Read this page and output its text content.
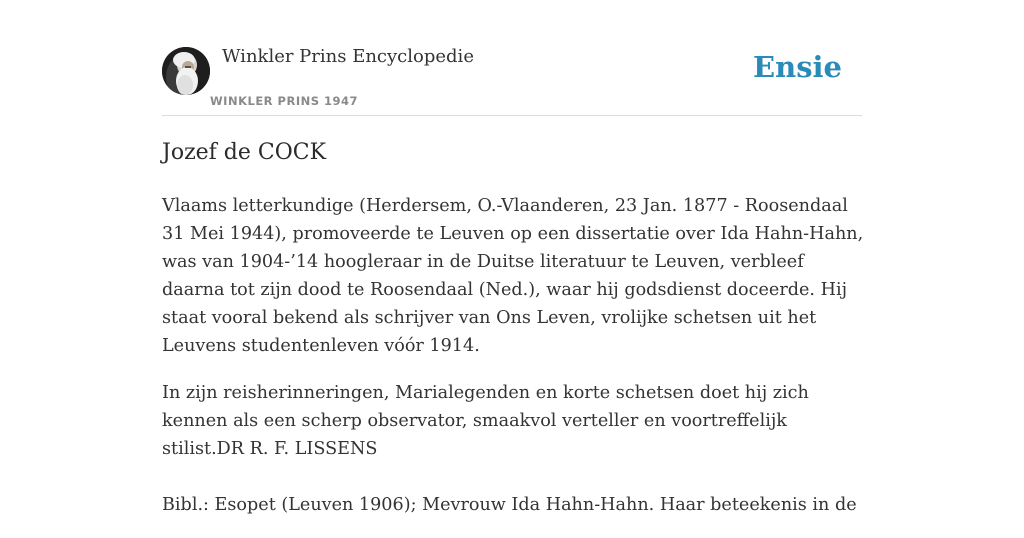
Winkler Prins Encyclopedie
WINKLER PRINS 1947
Ensie
Jozef de COCK

Vlaams letterkundige (Herdersem, O.-Vlaanderen, 23 Jan. 1877 - Roosendaal 31 Mei 1944), promoveerde te Leuven op een dissertatie over Ida Hahn-Hahn, was van 1904-’14 hoogleraar in de Duitse literatuur te Leuven, verbleef daarna tot zijn dood te Roosendaal (Ned.), waar hij godsdienst doceerde. Hij staat vooral bekend als schrijver van Ons Leven, vrolijke schetsen uit het Leuvens studentenleven vóór 1914.

In zijn reisherinneringen, Marialegenden en korte schetsen doet hij zich kennen als een scherp observator, smaakvol verteller en voortreffelijk stilist.DR R. F. LISSENS

Bibl.: Esopet (Leuven 1906); Mevrouw Ida Hahn-Hahn. Haar beteekenis in de
